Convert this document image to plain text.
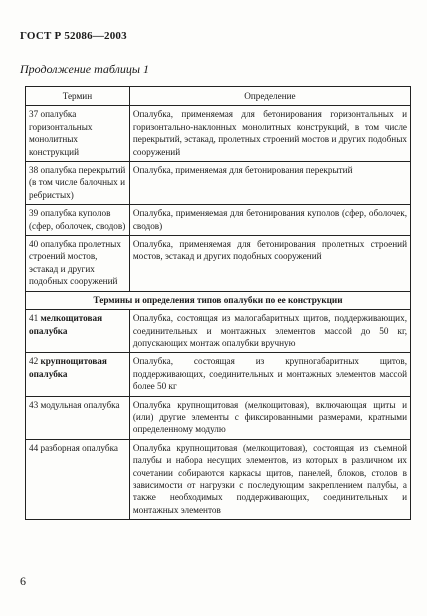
ГОСТ Р 52086—2003
Продолжение таблицы 1
Термин	Определение
37 опалубка горизонтальных монолитных конструкций	Опалубка, применяемая для бетонирования горизонтальных и горизонтально-наклонных монолитных конструкций, в том числе перекрытий, эстакад, пролетных строений мостов и других подобных сооружений
38 опалубка перекрытий (в том числе балочных и ребристых)	Опалубка, применяемая для бетонирования перекрытий
39 опалубка куполов (сфер, оболочек, сводов)	Опалубка, применяемая для бетонирования куполов (сфер, оболочек, сводов)
40 опалубка пролетных строений мостов, эстакад и других подобных сооружений	Опалубка, применяемая для бетонирования пролетных строений мостов, эстакад и других подобных сооружений
Термины и определения типов опалубки по ее конструкции	
41 мелкощитовая опалубка	Опалубка, состоящая из малогабаритных щитов, поддерживающих, соединительных и монтажных элементов массой до 50 кг, допускающих монтаж опалубки вручную
42 крупнощитовая опалубка	Опалубка, состоящая из крупногабаритных щитов, поддерживающих, соединительных и монтажных элементов массой более 50 кг
43 модульная опалубка	Опалубка крупнощитовая (мелкощитовая), включающая щиты и (или) другие элементы с фиксированными размерами, кратными определенному модулю
44 разборная опалубка	Опалубка крупнощитовая (мелкощитовая), состоящая из съемной палубы и набора несущих элементов, из которых в различном их сочетании собираются каркасы щитов, панелей, блоков, столов в зависимости от нагрузки с последующим закреплением палубы, а также необходимых поддерживающих, соединительных и монтажных элементов
6
